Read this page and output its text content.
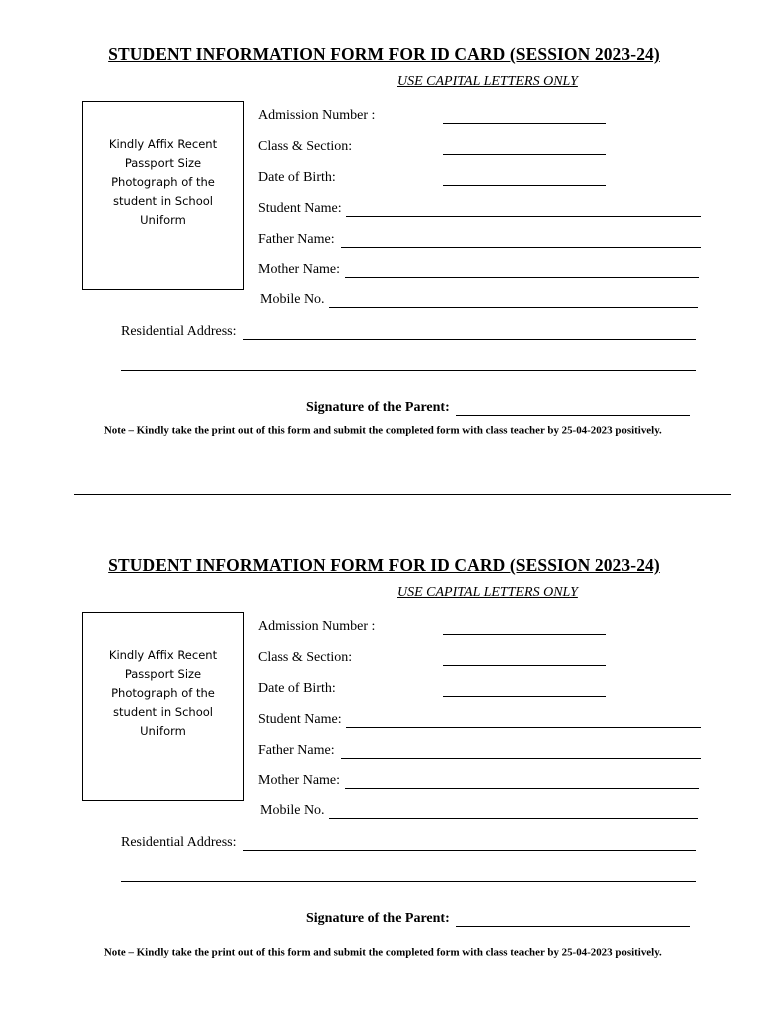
STUDENT INFORMATION FORM FOR ID CARD (SESSION 2023-24)
USE CAPITAL LETTERS ONLY
Kindly Affix Recent
Passport Size
Photograph of the
student in School
Uniform
Admission Number :
Class & Section:
Date of Birth:
Student Name:
Father Name:
Mother Name:
Mobile No.
Residential Address:
Signature of the Parent:
Note – Kindly take the print out of this form and submit the completed form with class teacher by 25-04-2023 positively.
STUDENT INFORMATION FORM FOR ID CARD (SESSION 2023-24)
USE CAPITAL LETTERS ONLY
Kindly Affix Recent
Passport Size
Photograph of the
student in School
Uniform
Admission Number :
Class & Section:
Date of Birth:
Student Name:
Father Name:
Mother Name:
Mobile No.
Residential Address:
Signature of the Parent:
Note – Kindly take the print out of this form and submit the completed form with class teacher by 25-04-2023 positively.
